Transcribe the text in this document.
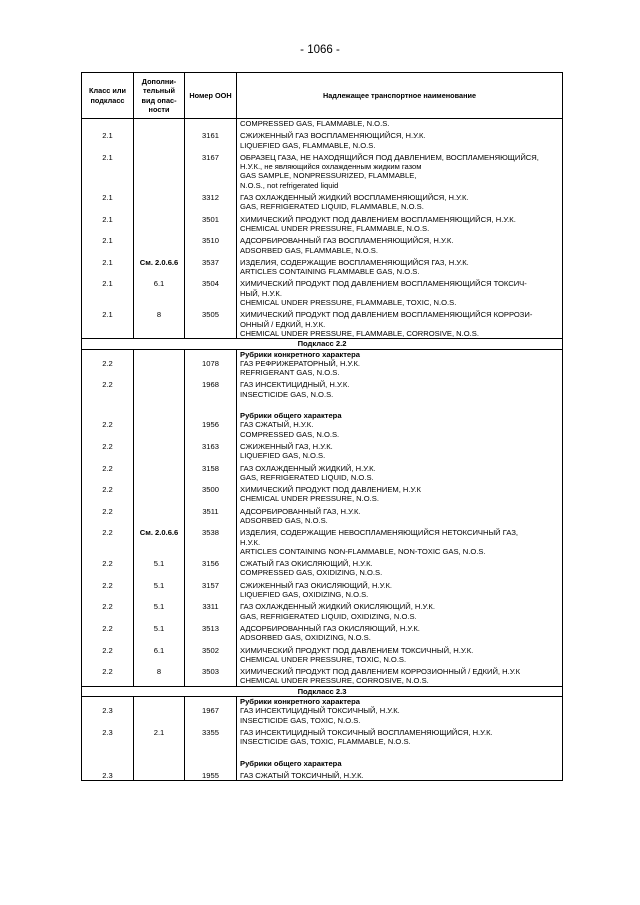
- 1066 -
Класс или подкласс	Дополни-тельный вид опас-ности	Номер ООН	Надлежащее транспортное наименование

			COMPRESSED GAS, FLAMMABLE, N.O.S.

2.1		3161	СЖИЖЕННЫЙ ГАЗ ВОСПЛАМЕНЯЮЩИЙСЯ, Н.У.К.
LIQUEFIED GAS, FLAMMABLE, N.O.S.

2.1		3167	ОБРАЗЕЦ ГАЗА, НЕ НАХОДЯЩИЙСЯ ПОД ДАВЛЕНИЕМ, ВОСПЛАМЕНЯЮЩИЙСЯ,
Н.У.К., не являющийся охлажденным жидким газом
GAS SAMPLE, NONPRESSURIZED, FLAMMABLE,
N.O.S., not refrigerated liquid

2.1		3312	ГАЗ ОХЛАЖДЕННЫЙ ЖИДКИЙ ВОСПЛАМЕНЯЮЩИЙСЯ, Н.У.К.
GAS, REFRIGERATED LIQUID, FLAMMABLE, N.O.S.

2.1		3501	ХИМИЧЕСКИЙ ПРОДУКТ ПОД ДАВЛЕНИЕМ ВОСПЛАМЕНЯЮЩИЙСЯ, Н.У.К.
CHEMICAL UNDER PRESSURE, FLAMMABLE, N.O.S.

2.1		3510	АДСОРБИРОВАННЫЙ ГАЗ ВОСПЛАМЕНЯЮЩИЙСЯ, Н.У.К.
ADSORBED GAS, FLAMMABLE, N.O.S.

2.1	См. 2.0.6.6	3537	ИЗДЕЛИЯ, СОДЕРЖАЩИЕ ВОСПЛАМЕНЯЮЩИЙСЯ ГАЗ, Н.У.К.
ARTICLES CONTAINING FLAMMABLE GAS, N.O.S.

2.1	6.1	3504	ХИМИЧЕСКИЙ ПРОДУКТ ПОД ДАВЛЕНИЕМ ВОСПЛАМЕНЯЮЩИЙСЯ ТОКСИЧ-
НЫЙ, Н.У.К.
CHEMICAL UNDER PRESSURE, FLAMMABLE, TOXIC, N.O.S.

2.1	8	3505	ХИМИЧЕСКИЙ ПРОДУКТ ПОД ДАВЛЕНИЕМ ВОСПЛАМЕНЯЮЩИЙСЯ КОРРОЗИ-
ОННЫЙ / ЕДКИЙ, Н.У.К.
CHEMICAL UNDER PRESSURE, FLAMMABLE, CORROSIVE, N.O.S.

Подкласс 2.2			

			Рубрики конкретного характера

2.2		1078	ГАЗ РЕФРИЖЕРАТОРНЫЙ, Н.У.К.
REFRIGERANT GAS, N.O.S.

2.2		1968	ГАЗ ИНСЕКТИЦИДНЫЙ, Н.У.К.
INSECTICIDE GAS, N.O.S.

			Рубрики общего характера

2.2		1956	ГАЗ СЖАТЫЙ, Н.У.К.
COMPRESSED GAS, N.O.S.

2.2		3163	СЖИЖЕННЫЙ ГАЗ, Н.У.К.
LIQUEFIED GAS, N.O.S.

2.2		3158	ГАЗ ОХЛАЖДЕННЫЙ ЖИДКИЙ, Н.У.К.
GAS, REFRIGERATED LIQUID, N.O.S.

2.2		3500	ХИМИЧЕСКИЙ ПРОДУКТ ПОД ДАВЛЕНИЕМ, Н.У.К
CHEMICAL UNDER PRESSURE, N.O.S.

2.2		3511	АДСОРБИРОВАННЫЙ ГАЗ, Н.У.К.
ADSORBED GAS, N.O.S.

2.2	См. 2.0.6.6	3538	ИЗДЕЛИЯ, СОДЕРЖАЩИЕ НЕВОСПЛАМЕНЯЮЩИЙСЯ НЕТОКСИЧНЫЙ ГАЗ,
Н.У.К.
ARTICLES CONTAINING NON-FLAMMABLE, NON-TOXIC GAS, N.O.S.

2.2	5.1	3156	СЖАТЫЙ ГАЗ ОКИСЛЯЮЩИЙ, Н.У.К.
COMPRESSED GAS, OXIDIZING, N.O.S.

2.2	5.1	3157	СЖИЖЕННЫЙ ГАЗ ОКИСЛЯЮЩИЙ, Н.У.К.
LIQUEFIED GAS, OXIDIZING, N.O.S.

2.2	5.1	3311	ГАЗ ОХЛАЖДЕННЫЙ ЖИДКИЙ ОКИСЛЯЮЩИЙ, Н.У.К.
GAS, REFRIGERATED LIQUID, OXIDIZING, N.O.S.

2.2	5.1	3513	АДСОРБИРОВАННЫЙ ГАЗ ОКИСЛЯЮЩИЙ, Н.У.К.
ADSORBED GAS, OXIDIZING, N.O.S.

2.2	6.1	3502	ХИМИЧЕСКИЙ ПРОДУКТ ПОД ДАВЛЕНИЕМ ТОКСИЧНЫЙ, Н.У.К.
CHEMICAL UNDER PRESSURE, TOXIC, N.O.S.

2.2	8	3503	ХИМИЧЕСКИЙ ПРОДУКТ ПОД ДАВЛЕНИЕМ КОРРОЗИОННЫЙ / ЕДКИЙ, Н.У.К
CHEMICAL UNDER PRESSURE, CORROSIVE, N.O.S.

Подкласс 2.3			

			Рубрики конкретного характера

2.3		1967	ГАЗ ИНСЕКТИЦИДНЫЙ ТОКСИЧНЫЙ, Н.У.К.
INSECTICIDE GAS, TOXIC, N.O.S.

2.3	2.1	3355	ГАЗ ИНСЕКТИЦИДНЫЙ ТОКСИЧНЫЙ ВОСПЛАМЕНЯЮЩИЙСЯ, Н.У.К.
INSECTICIDE GAS, TOXIC, FLAMMABLE, N.O.S.

			Рубрики общего характера

2.3		1955	ГАЗ СЖАТЫЙ ТОКСИЧНЫЙ, Н.У.К.
